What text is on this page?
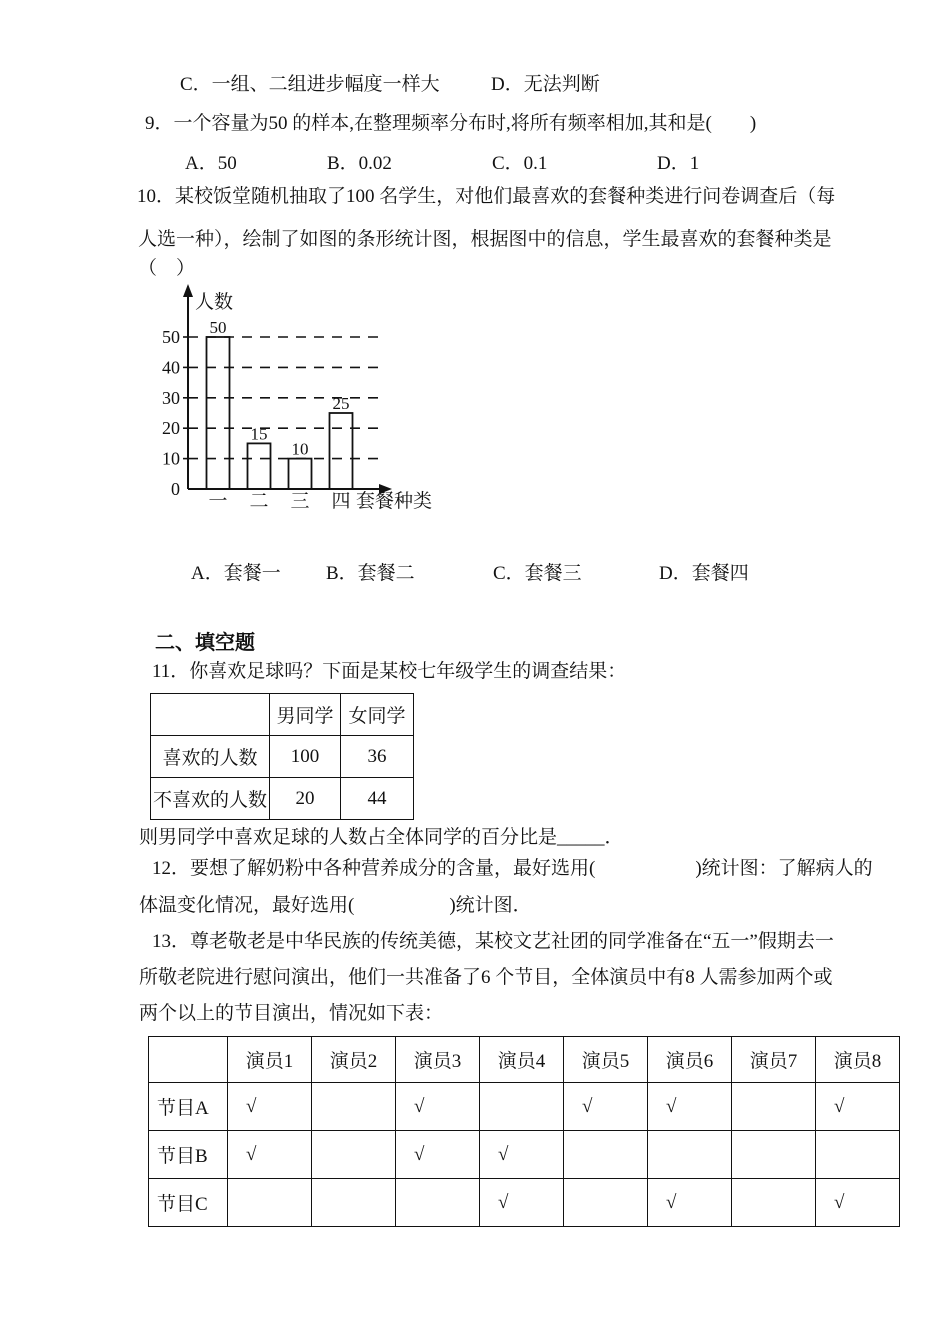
C．一组、二组进步幅度一样大	D．无法判断
9．一个容量为50 的样本,在整理频率分布时,将所有频率相加,其和是(　　)
A．50	B．0.02	C．0.1	D．1
10．某校饭堂随机抽取了100 名学生，对他们最喜欢的套餐种类进行问卷调查后（每
人选一种），绘制了如图的条形统计图，根据图中的信息，学生最喜欢的套餐种类是
（　）
0
10
20
30
40
50 50
一
15
二
10
三
25
四
人数
套餐种类
A．套餐一 B．套餐二	C．套餐三	D．套餐四
二、填空题
11．你喜欢足球吗？下面是某校七年级学生的调查结果：
	男同学	女同学
喜欢的人数	100	36
不喜欢的人数	20	44
则男同学中喜欢足球的人数占全体同学的百分比是_____．
12．要想了解奶粉中各种营养成分的含量，最好选用(	)统计图：了解病人的
体温变化情况，最好选用(	)统计图．
13．尊老敬老是中华民族的传统美德，某校文艺社团的同学准备在“五一”假期去一
所敬老院进行慰问演出，他们一共准备了6 个节目，全体演员中有8 人需参加两个或
两个以上的节目演出，情况如下表：
	演员1	演员2	演员3	演员4	演员5	演员6	演员7	演员8
节目A	√		√		√	√		√
节目B	√		√	√				
节目C				√		√		√
